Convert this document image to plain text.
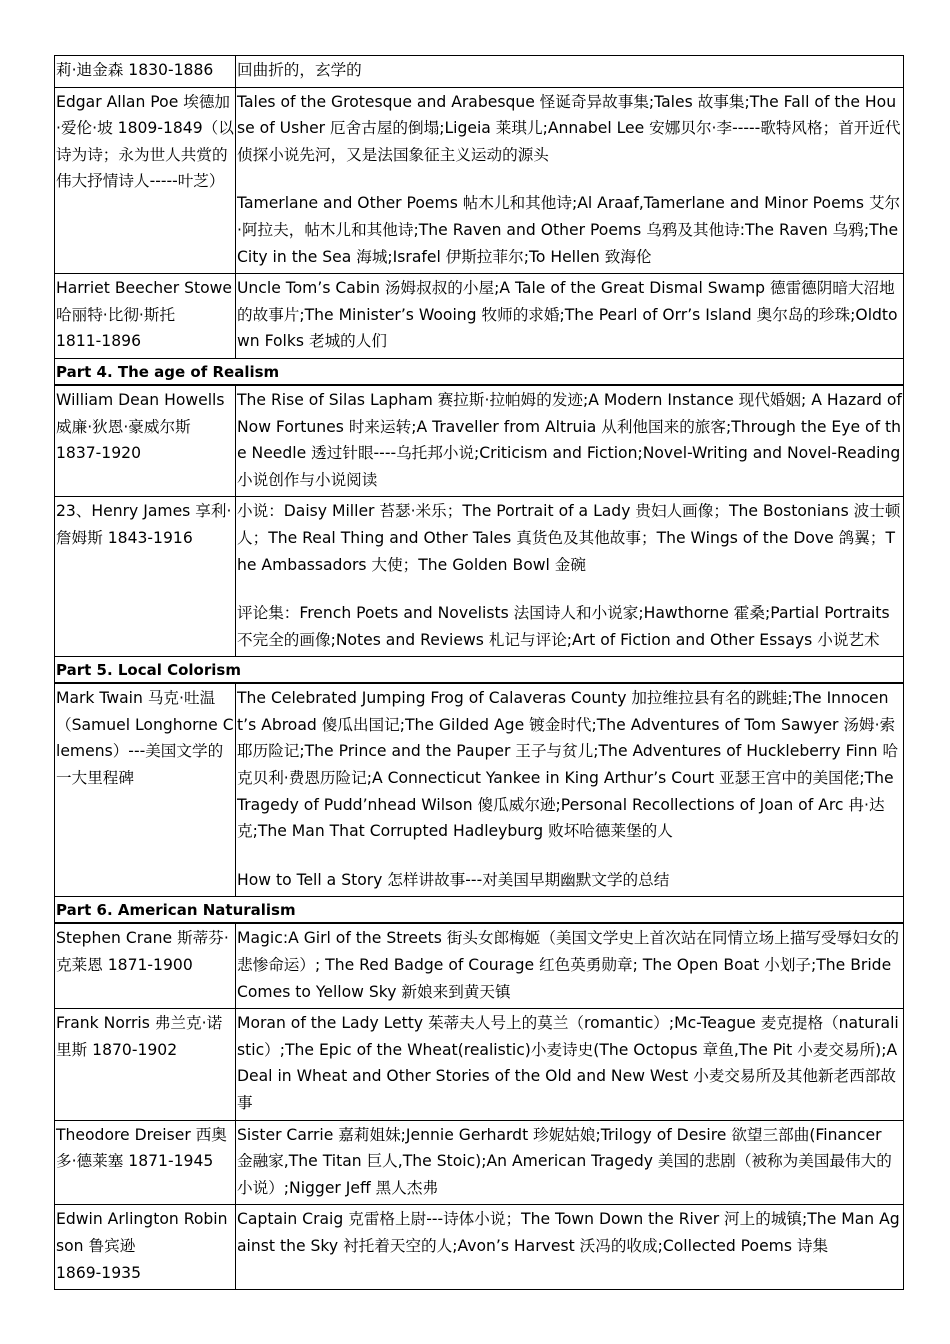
莉·迪金森 1830-1886	回曲折的，玄学的
Edgar Allan Poe 埃德加·爱伦·坡 1809-1849（以诗为诗；永为世人共赏的伟大抒情诗人-----叶芝）	Tales of the Grotesque and Arabesque 怪诞奇异故事集;Tales 故事集;The Fall of the House of Usher 厄舍古屋的倒塌;Ligeia 莱琪儿;Annabel Lee 安娜贝尔·李-----歌特风格；首开近代侦探小说先河，又是法国象征主义运动的源头

Tamerlane and Other Poems 帖木儿和其他诗;Al Araaf,Tamerlane and Minor Poems 艾尔·阿拉夫，帖木儿和其他诗;The Raven and Other Poems 乌鸦及其他诗:The Raven 乌鸦;The City in the Sea 海城;Israfel 伊斯拉菲尔;To Hellen 致海伦

Harriet Beecher Stowe 哈丽特·比彻·斯托
1811-1896	Uncle Tom’s Cabin 汤姆叔叔的小屋;A Tale of the Great Dismal Swamp 德雷德阴暗大沼地的故事片;The Minister’s Wooing 牧师的求婚;The Pearl of Orr’s Island 奥尔岛的珍珠;Oldtown Folks 老城的人们
Part 4. The age of Realism	

William Dean Howells 威廉·狄恩·豪威尔斯
1837-1920	The Rise of Silas Lapham 赛拉斯·拉帕姆的发迹;A Modern Instance 现代婚姻; A Hazard of Now Fortunes 时来运转;A Traveller from Altruia 从利他国来的旅客;Through the Eye of the Needle 透过针眼----乌托邦小说;Criticism and Fiction;Novel-Writing and Novel-Reading 小说创作与小说阅读
23、Henry James 享利·詹姆斯 1843-1916	小说：Daisy Miller 苔瑟·米乐；The Portrait of a Lady 贵妇人画像；The Bostonians 波士顿人；The Real Thing and Other Tales 真货色及其他故事；The Wings of the Dove 鸽翼；The Ambassadors 大使；The Golden Bowl 金碗

评论集：French Poets and Novelists 法国诗人和小说家;Hawthorne 霍桑;Partial Portraits 不完全的画像;Notes and Reviews 札记与评论;Art of Fiction and Other Essays 小说艺术

Part 5. Local Colorism	
Mark Twain 马克·吐温（Samuel Longhorne Clemens）---美国文学的一大里程碑	The Celebrated Jumping Frog of Calaveras County 加拉维拉县有名的跳蛙;The Innocent’s Abroad 傻瓜出国记;The Gilded Age 镀金时代;The Adventures of Tom Sawyer 汤姆·索耶历险记;The Prince and the Pauper 王子与贫儿;The Adventures of Huckleberry Finn 哈克贝利·费恩历险记;A Connecticut Yankee in King Arthur’s Court 亚瑟王宫中的美国佬;The Tragedy of Pudd’nhead Wilson 傻瓜威尔逊;Personal Recollections of Joan of Arc 冉·达克;The Man That Corrupted Hadleyburg 败坏哈德莱堡的人

How to Tell a Story 怎样讲故事---对美国早期幽默文学的总结

Part 6. American Naturalism	
Stephen Crane 斯蒂芬·克莱恩 1871-1900	Magic:A Girl of the Streets 街头女郎梅姬（美国文学史上首次站在同情立场上描写受辱妇女的悲惨命运）; The Red Badge of Courage 红色英勇勋章; The Open Boat 小划子;The Bride Comes to Yellow Sky 新娘来到黄天镇
Frank Norris 弗兰克·诺里斯 1870-1902	Moran of the Lady Letty 茱蒂夫人号上的莫兰（romantic）;Mc-Teague 麦克提格（naturalistic）;The Epic of the Wheat(realistic)小麦诗史(The Octopus 章鱼,The Pit 小麦交易所);A Deal in Wheat and Other Stories of the Old and New West 小麦交易所及其他新老西部故事
Theodore Dreiser 西奥多·德莱塞 1871-1945	Sister Carrie 嘉莉姐妹;Jennie Gerhardt 珍妮姑娘;Trilogy of Desire 欲望三部曲(Financer 金融家,The Titan 巨人,The Stoic);An American Tragedy 美国的悲剧（被称为美国最伟大的小说）;Nigger Jeff 黑人杰弗

Edwin Arlington Robinson 鲁宾逊
1869-1935	Captain Craig 克雷格上尉---诗体小说；The Town Down the River 河上的城镇;The Man Against the Sky 衬托着天空的人;Avon’s Harvest 沃冯的收成;Collected Poems 诗集
